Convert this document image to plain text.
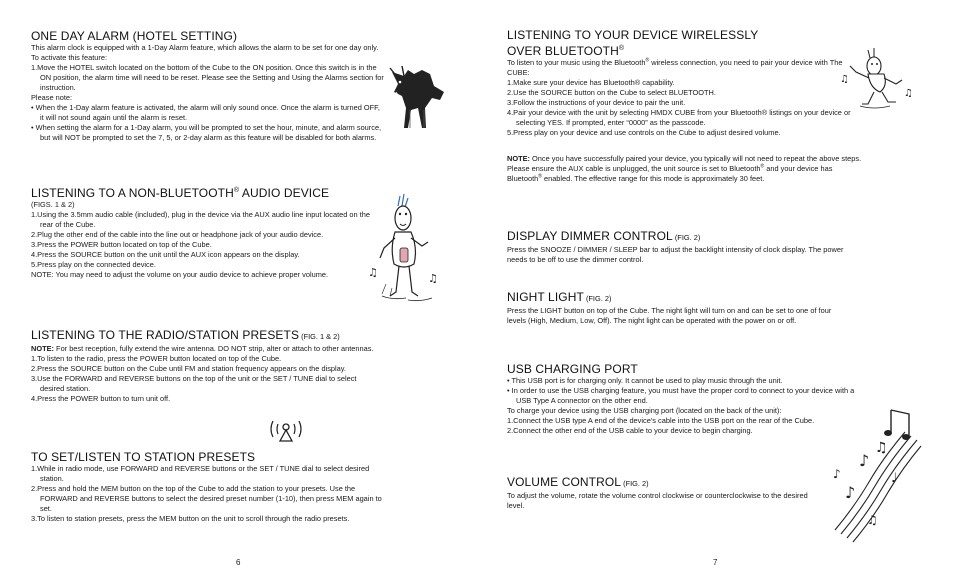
ONE DAY ALARM (HOTEL SETTING)

This alarm clock is equipped with a 1-Day Alarm feature, which allows the alarm to be set for one day only. To activate this feature:

1.Move the HOTEL switch located on the bottom of the Cube to the ON position. Once this switch is in the ON position, the alarm time will need to be reset. Please see the Setting and Using the Alarms section for instruction.

Please note:

• When the 1-Day alarm feature is activated, the alarm will only sound once. Once the alarm is turned OFF, it will not sound again until the alarm is reset.
• When setting the alarm for a 1-Day alarm, you will be prompted to set the hour, minute, and alarm source, but will NOT be prompted to set the 7, 5, or 2-day alarm as this feature will be disabled for both alarms.
LISTENING TO A NON-BLUETOOTH® AUDIO DEVICE

(FIGS. 1 & 2)

1.Using the 3.5mm audio cable (included), plug in the device via the AUX audio line input located on the rear of the Cube.
2.Plug the other end of the cable into the line out or headphone jack of your audio device.
3.Press the POWER button located on top of the Cube.
4.Press the SOURCE button on the unit until the AUX icon appears on the display.
5.Press play on the connected device.
NOTE: You may need to adjust the volume on your audio device to achieve proper volume.
LISTENING TO THE RADIO/STATION PRESETS (FIG. 1 & 2)

NOTE: For best reception, fully extend the wire antenna. DO NOT strip, alter or attach to other antennas.

1.To listen to the radio, press the POWER button located on top of the Cube.
2.Press the SOURCE button on the Cube until FM and station frequency appears on the display.
3.Use the FORWARD and REVERSE buttons on the top of the unit or the SET / TUNE dial to select desired station.
4.Press the POWER button to turn unit off.
TO SET/LISTEN TO STATION PRESETS
1.While in radio mode, use FORWARD and REVERSE buttons or the SET / TUNE dial to select desired station.
2.Press and hold the MEM button on the top of the Cube to add the station to your presets. Use the FORWARD and REVERSE buttons to select the desired preset number (1-10), then press MEM again to set.
3.To listen to station presets, press the MEM button on the unit to scroll through the radio presets.
♫	♫
6
LISTENING TO YOUR DEVICE WIRELESSLY
OVER BLUETOOTH®

To listen to your music using the Bluetooth® wireless connection, you need to pair your device with The CUBE:

1.Make sure your device has Bluetooth® capability.
2.Use the SOURCE button on the Cube to select BLUETOOTH.
3.Follow the instructions of your device to pair the unit.
4.Pair your device with the unit by selecting HMDX CUBE from your Bluetooth® listings on your device or selecting YES. If prompted, enter “0000” as the passcode.
5.Press play on your device and use controls on the Cube to adjust desired volume.

NOTE: Once you have successfully paired your device, you typically will not need to repeat the above steps. Please ensure the AUX cable is unplugged, the unit source is set to Bluetooth® and your device has Bluetooth® enabled. The effective range for this mode is approximately 30 feet.

DISPLAY DIMMER CONTROL (FIG. 2)

Press the SNOOZE / DIMMER / SLEEP bar to adjust the backlight intensity of clock display. The power needs to be off to use the dimmer control.

NIGHT LIGHT (FIG. 2)

Press the LIGHT button on top of the Cube. The night light will turn on and can be set to one of four levels (High, Medium, Low, Off). The night light can be operated with the power on or off.

USB CHARGING PORT
• This USB port is for charging only. It cannot be used to play music through the unit.
• In order to use the USB charging feature, you must have the proper cord to connect to your device with a USB Type A connector on the other end.

To charge your device using the USB charging port (located on the back of the unit):

1.Connect the USB type A end of the device’s cable into the USB port on the rear of the Cube.
2.Connect the other end of the USB cable to your device to begin charging.
VOLUME CONTROL (FIG. 2)

To adjust the volume, rotate the volume control clockwise or counterclockwise to the desired level.

♫
♫
♪
♫
♪
♩
♫
♪
7
